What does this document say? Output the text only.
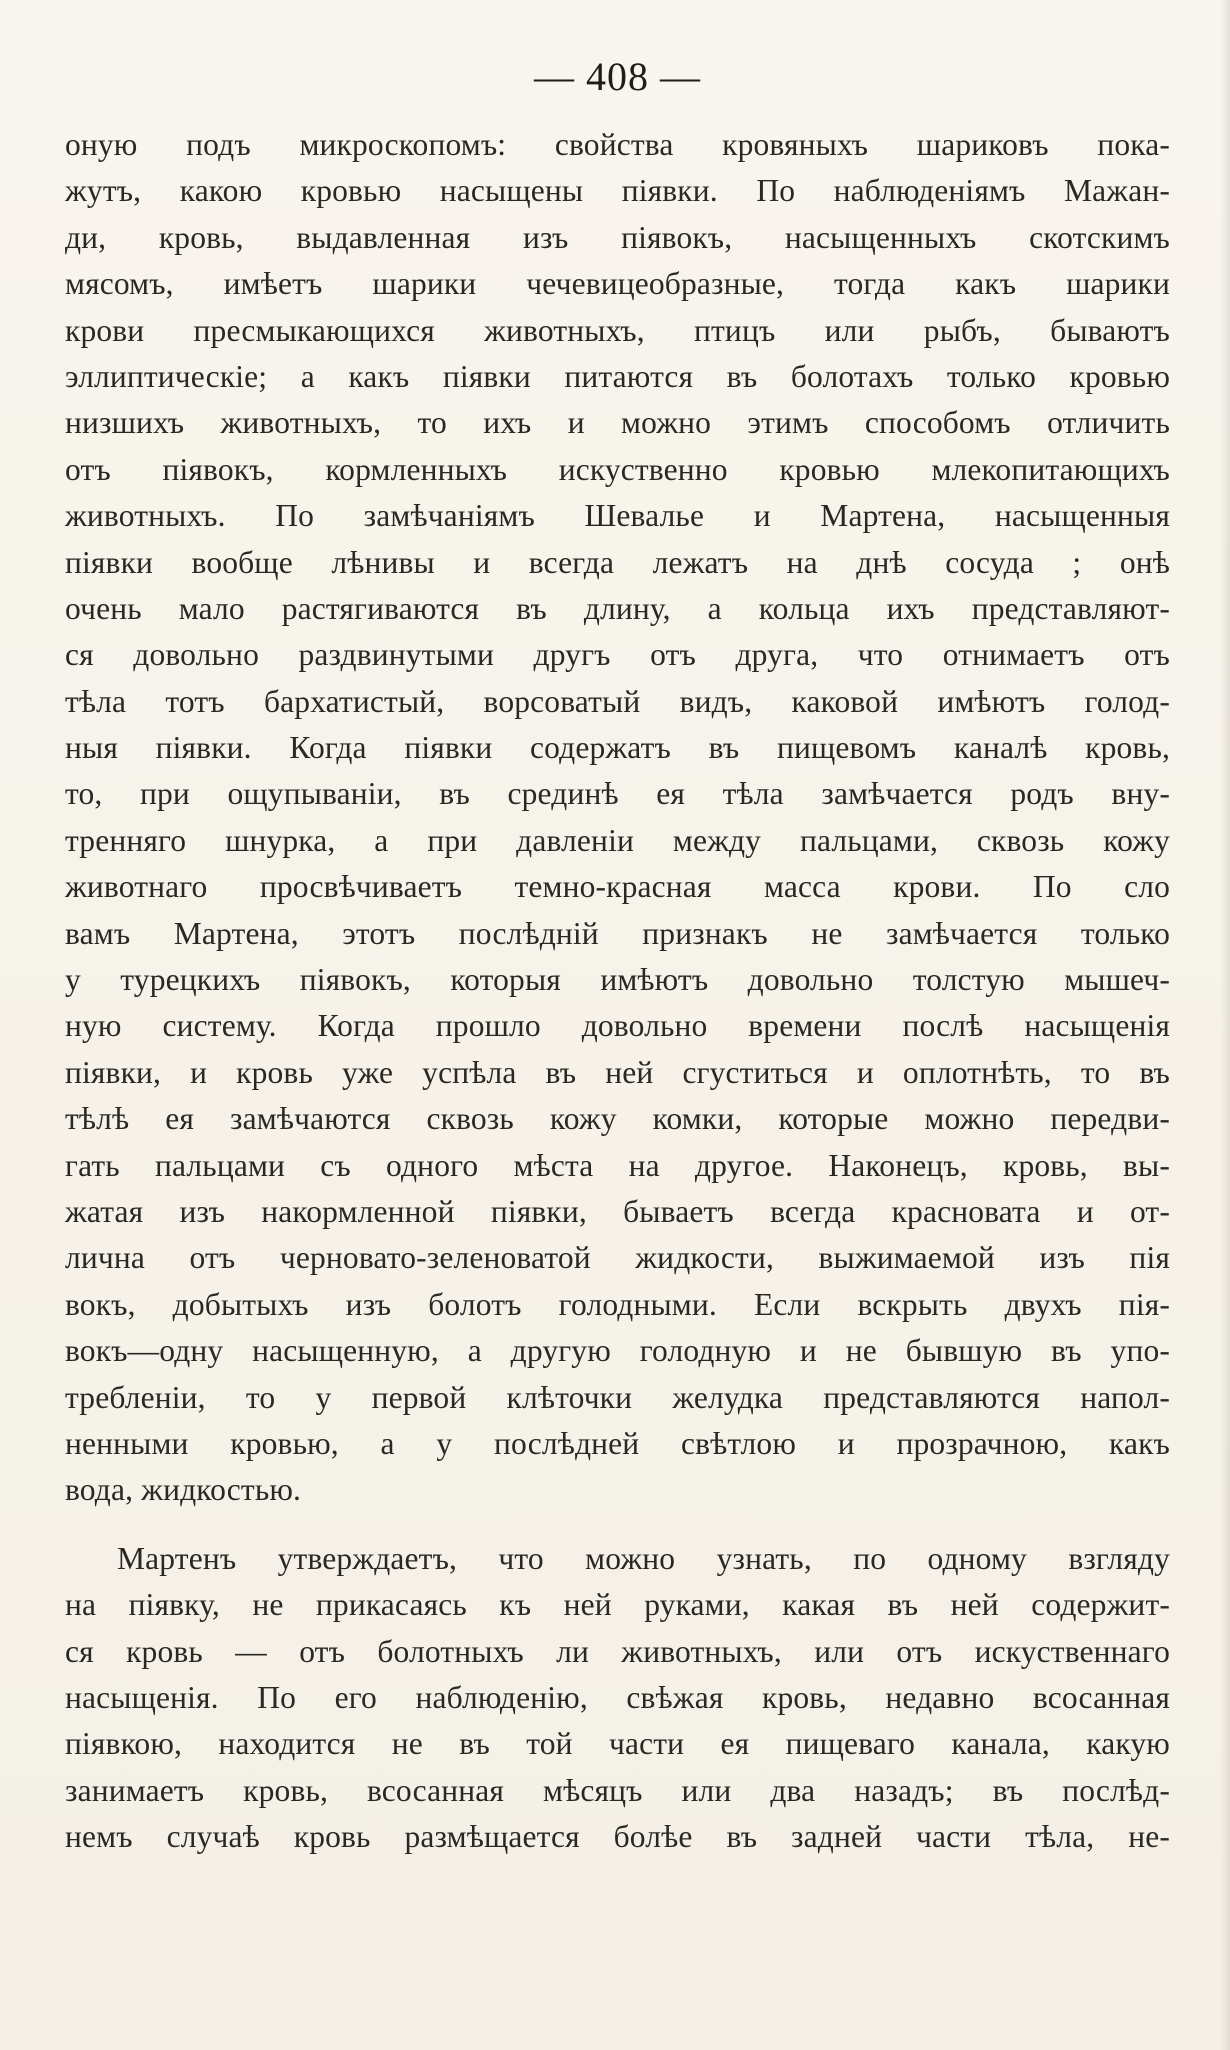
— 408 —
оную подъ микроскопомъ: свойства кровяныхъ шариковъ пока-
жутъ, какою кровью насыщены піявки. По наблюденіямъ Мажан-
ди, кровь, выдавленная изъ піявокъ, насыщенныхъ скотскимъ
мясомъ, имѣетъ шарики чечевицеобразные, тогда какъ шарики
крови пресмыкающихся животныхъ, птицъ или рыбъ, бываютъ
эллиптическіе; а какъ піявки питаются въ болотахъ только кровью
низшихъ животныхъ, то ихъ и можно этимъ способомъ отличить
отъ піявокъ, кормленныхъ искуственно кровью млекопитающихъ
животныхъ. По замѣчаніямъ Шевалье и Мартена, насыщенныя
піявки вообще лѣнивы и всегда лежатъ на днѣ сосуда ; онѣ
очень мало растягиваются въ длину, а кольца ихъ представляют-
ся довольно раздвинутыми другъ отъ друга, что отнимаетъ отъ
тѣла тотъ бархатистый, ворсоватый видъ, каковой имѣютъ голод-
ныя піявки. Когда піявки содержатъ въ пищевомъ каналѣ кровь,
то, при ощупываніи, въ срединѣ ея тѣла замѣчается родъ вну-
тренняго шнурка, а при давленіи между пальцами, сквозь кожу
животнаго просвѣчиваетъ темно-красная масса крови. По сло
вамъ Мартена, этотъ послѣдній признакъ не замѣчается только
у турецкихъ піявокъ, которыя имѣютъ довольно толстую мышеч-
ную систему. Когда прошло довольно времени послѣ насыщенія
піявки, и кровь уже успѣла въ ней сгуститься и оплотнѣть, то въ
тѣлѣ ея замѣчаются сквозь кожу комки, которые можно передви-
гать пальцами съ одного мѣста на другое. Наконецъ, кровь, вы-
жатая изъ накормленной піявки, бываетъ всегда красновата и от-
лична отъ черновато-зеленоватой жидкости, выжимаемой изъ пія
вокъ, добытыхъ изъ болотъ голодными. Если вскрыть двухъ пія-
вокъ—одну насыщенную, а другую голодную и не бывшую въ упо-
требленіи, то у первой клѣточки желудка представляются напол-
ненными кровью, а у послѣдней свѣтлою и прозрачною, какъ
вода, жидкостью.
Мартенъ утверждаетъ, что можно узнать, по одному взгляду
на піявку, не прикасаясь къ ней руками, какая въ ней содержит-
ся кровь — отъ болотныхъ ли животныхъ, или отъ искуственнаго
насыщенія. По его наблюденію, свѣжая кровь, недавно всосанная
піявкою, находится не въ той части ея пищеваго канала, какую
занимаетъ кровь, всосанная мѣсяцъ или два назадъ; въ послѣд-
немъ случаѣ кровь размѣщается болѣе въ задней части тѣла, не-
